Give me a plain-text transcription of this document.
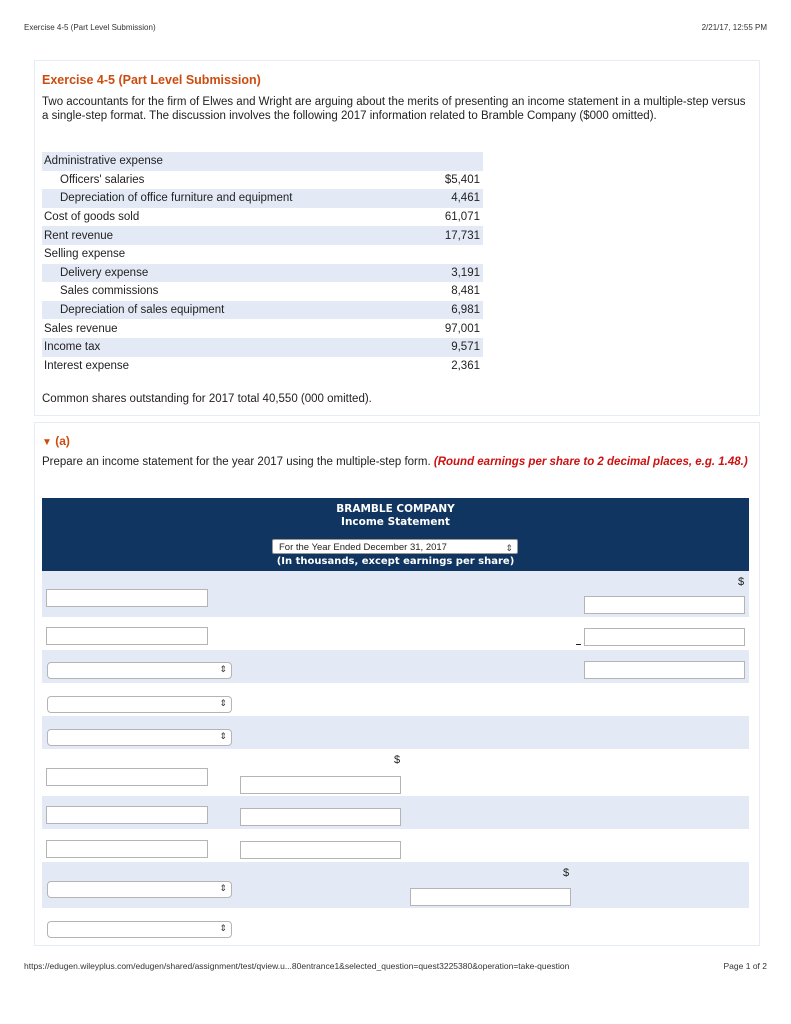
Exercise 4-5 (Part Level Submission)	2/21/17, 12:55 PM
Exercise 4-5 (Part Level Submission)
Two accountants for the firm of Elwes and Wright are arguing about the merits of presenting an income statement in a multiple-step versus a single-step format. The discussion involves the following 2017 information related to Bramble Company ($000 omitted).
Administrative expense
Officers' salaries	$5,401
Depreciation of office furniture and equipment	4,461
Cost of goods sold	61,071
Rent revenue	17,731
Selling expense
Delivery expense	3,191
Sales commissions	8,481
Depreciation of sales equipment	6,981
Sales revenue	97,001
Income tax	9,571
Interest expense	2,361
Common shares outstanding for 2017 total 40,550 (000 omitted).
▼ (a)
Prepare an income statement for the year 2017 using the multiple-step form. (Round earnings per share to 2 decimal places, e.g. 1.48.)
BRAMBLE COMPANY
Income Statement
For the Year Ended December 31, 2017	⇕
(In thousands, except earnings per share)
$
⇕
⇕
⇕
$
$
⇕
⇕
https://edugen.wileyplus.com/edugen/shared/assignment/test/qview.u...80entrance1&selected_question=quest3225380&operation=take-question	Page 1 of 2
